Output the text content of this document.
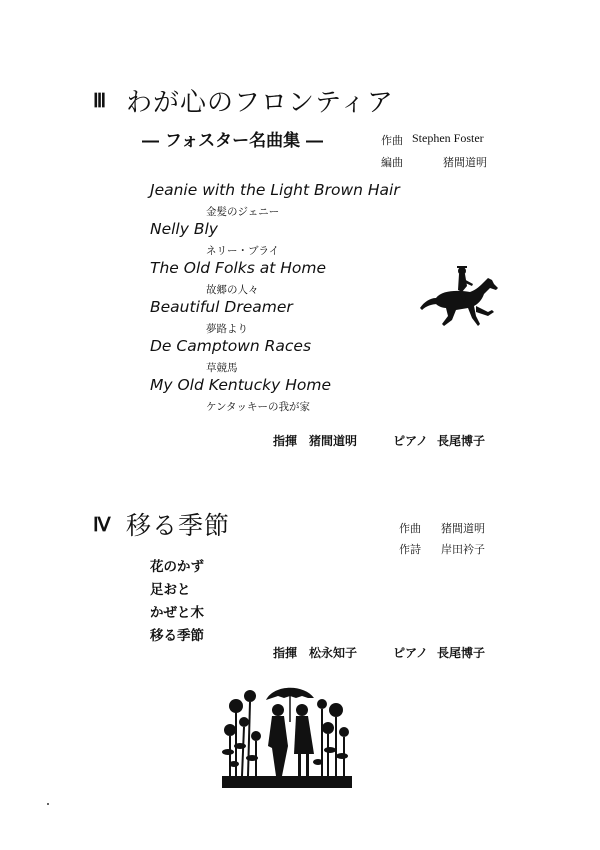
Ⅲ わが心のフロンティア
― フォスター名曲集 ―	作曲 Stephen Foster
編曲	猪間道明
Jeanie with the Light Brown Hair
金髪のジェニー
Nelly Bly
ネリー・ブライ
The Old Folks at Home
故郷の人々
Beautiful Dreamer
夢路より
De Camptown Races
草競馬
My Old Kentucky Home
ケンタッキーの我が家
指揮 猪間道明	ピアノ 長尾博子
Ⅳ 移る季節	作曲 猪間道明
作詩 岸田衿子
花のかず
足おと
かぜと木
移る季節
指揮 松永知子	ピアノ 長尾博子
